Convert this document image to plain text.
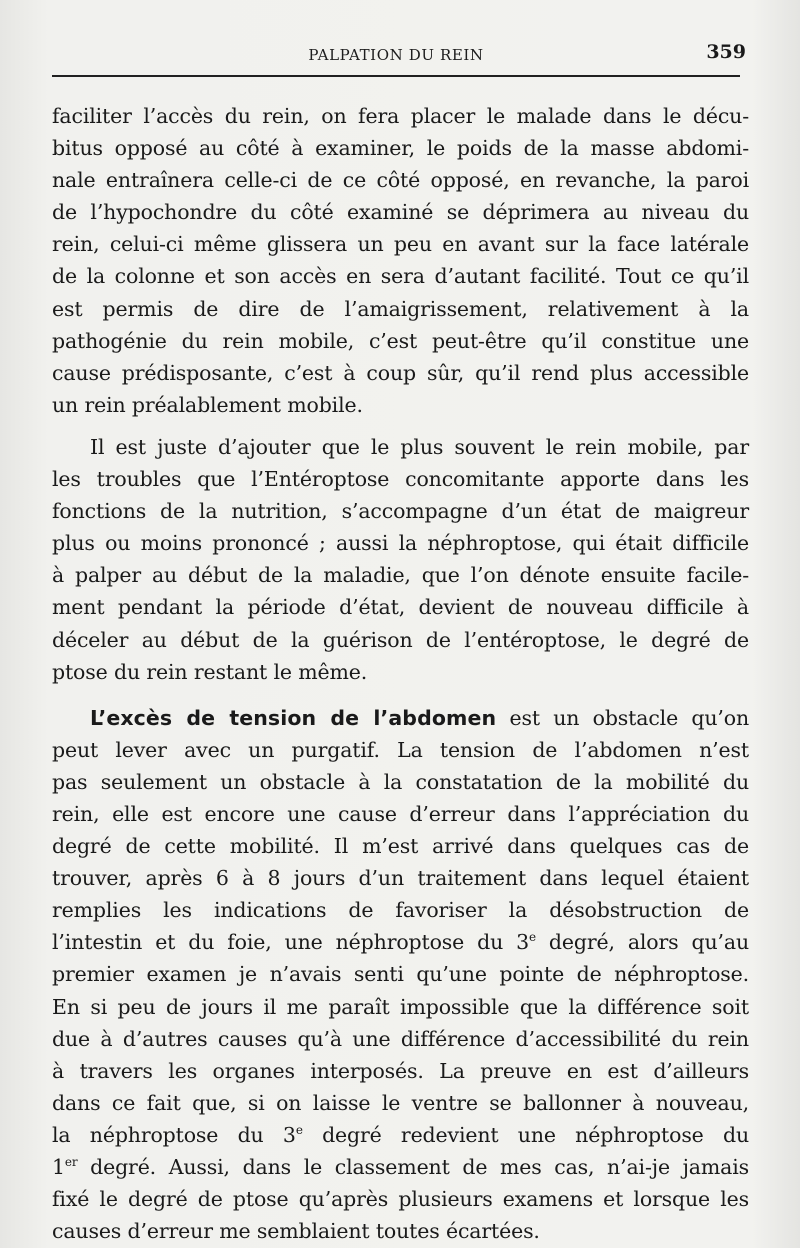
PALPATION DU REIN	359
faciliter l’accès du rein, on fera placer le malade dans le décu-
bitus opposé au côté à examiner, le poids de la masse abdomi-
nale entraînera celle-ci de ce côté opposé, en revanche, la paroi
de l’hypochondre du côté examiné se déprimera au niveau du
rein, celui-ci même glissera un peu en avant sur la face latérale
de la colonne et son accès en sera d’autant facilité. Tout ce qu’il
est permis de dire de l’amaigrissement, relativement à la
pathogénie du rein mobile, c’est peut-être qu’il constitue une
cause prédisposante, c’est à coup sûr, qu’il rend plus accessible
un rein préalablement mobile.
Il est juste d’ajouter que le plus souvent le rein mobile, par
les troubles que l’Entéroptose concomitante apporte dans les
fonctions de la nutrition, s’accompagne d’un état de maigreur
plus ou moins prononcé ; aussi la néphroptose, qui était difficile
à palper au début de la maladie, que l’on dénote ensuite facile-
ment pendant la période d’état, devient de nouveau difficile à
déceler au début de la guérison de l’entéroptose, le degré de
ptose du rein restant le même.
L’excès de tension de l’abdomen est un obstacle qu’on
peut lever avec un purgatif. La tension de l’abdomen n’est
pas seulement un obstacle à la constatation de la mobilité du
rein, elle est encore une cause d’erreur dans l’appréciation du
degré de cette mobilité. Il m’est arrivé dans quelques cas de
trouver, après 6 à 8 jours d’un traitement dans lequel étaient
remplies les indications de favoriser la désobstruction de
l’intestin et du foie, une néphroptose du 3e degré, alors qu’au
premier examen je n’avais senti qu’une pointe de néphroptose.
En si peu de jours il me paraît impossible que la différence soit
due à d’autres causes qu’à une différence d’accessibilité du rein
à travers les organes interposés. La preuve en est d’ailleurs
dans ce fait que, si on laisse le ventre se ballonner à nouveau,
la néphroptose du 3e degré redevient une néphroptose du
1er degré. Aussi, dans le classement de mes cas, n’ai-je jamais
fixé le degré de ptose qu’après plusieurs examens et lorsque les
causes d’erreur me semblaient toutes écartées.
